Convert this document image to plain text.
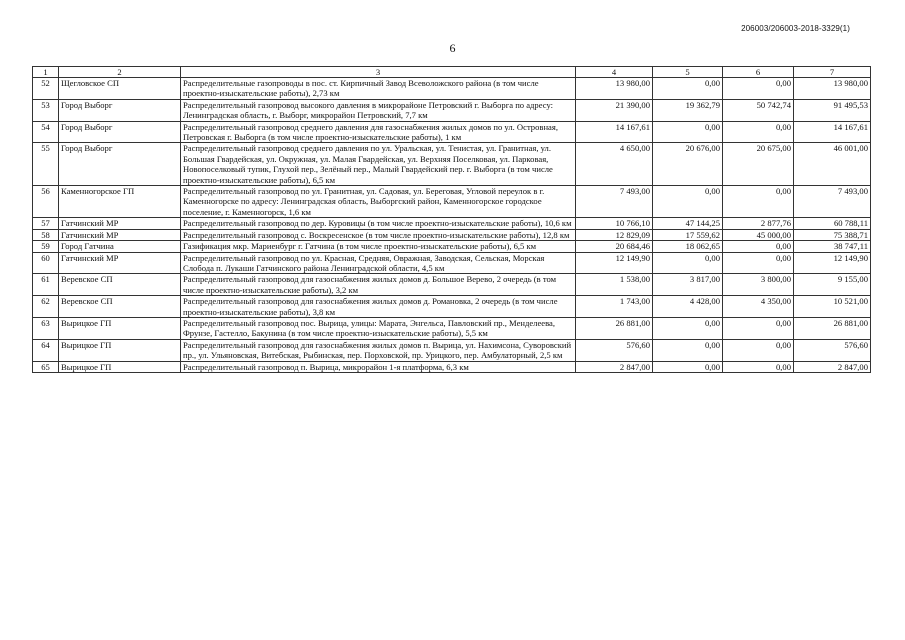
206003/206003-2018-3329(1)
6
1	2	3	4	5	6	7
52	Щегловское СП	Распределительные газопроводы в пос. ст. Кирпичный Завод Всеволожского района (в том числе проектно-изыскательские работы), 2,73 км	13 980,00	0,00	0,00	13 980,00
53	Город Выборг	Распределительный газопровод высокого давления в микрорайоне Петровский г. Выборга по адресу: Ленинградская область, г. Выборг, микрорайон Петровский, 7,7 км	21 390,00	19 362,79	50 742,74	91 495,53
54	Город Выборг	Распределительный газопровод среднего давления для газоснабжения жилых домов по ул. Островная, Петровская г. Выборга (в том числе проектно-изыскательские работы), 1 км	14 167,61	0,00	0,00	14 167,61
55	Город Выборг	Распределительный газопровод среднего давления по ул. Уральская, ул. Тенистая, ул. Гранитная, ул. Большая Гвардейская, ул. Окружная, ул. Малая Гвардейская, ул. Верхняя Поселковая, ул. Парковая, Новопоселковый тупик, Глухой пер., Зелёный пер., Малый Гвардейский пер. г. Выборга (в том числе проектно-изыскательские работы), 6,5 км	4 650,00	20 676,00	20 675,00	46 001,00
56	Каменногорское ГП	Распределительный газопровод по ул. Гранитная, ул. Садовая, ул. Береговая, Угловой переулок в г. Каменногорске по адресу: Ленинградская область, Выборгский район, Каменногорское городское поселение, г. Каменногорск, 1,6 км	7 493,00	0,00	0,00	7 493,00
57	Гатчинский МР	Распределительный газопровод по дер. Куровицы (в том числе проектно-изыскательские работы), 10,6 км	10 766,10	47 144,25	2 877,76	60 788,11
58	Гатчинский МР	Распределительный газопровод с. Воскресенское (в том числе проектно-изыскательские работы), 12,8 км	12 829,09	17 559,62	45 000,00	75 388,71
59	Город Гатчина	Газификация мкр. Мариенбург г. Гатчина (в том числе проектно-изыскательские работы), 6,5 км	20 684,46	18 062,65	0,00	38 747,11
60	Гатчинский МР	Распределительный газопровод по ул. Красная, Средняя, Овражная, Заводская, Сельская, Морская Слобода п. Лукаши Гатчинского района Ленинградской области, 4,5 км	12 149,90	0,00	0,00	12 149,90
61	Веревское СП	Распределительный газопровод для газоснабжения жилых домов д. Большое Верево, 2 очередь (в том числе проектно-изыскательские работы), 3,2 км	1 538,00	3 817,00	3 800,00	9 155,00
62	Веревское СП	Распределительный газопровод для газоснабжения жилых домов д. Романовка, 2 очередь (в том числе проектно-изыскательские работы), 3,8 км	1 743,00	4 428,00	4 350,00	10 521,00
63	Вырицкое ГП	Распределительный газопровод пос. Вырица, улицы: Марата, Энгельса, Павловский пр., Менделеева, Фрунзе, Гастелло, Бакунина (в том числе проектно-изыскательские работы), 5,5 км	26 881,00	0,00	0,00	26 881,00
64	Вырицкое ГП	Распределительный газопровод для газоснабжения жилых домов п. Вырица, ул. Нахимсона, Суворовский пр., ул. Ульяновская, Витебская, Рыбинская, пер. Порховской, пр. Урицкого, пер. Амбулаторный, 2,5 км	576,60	0,00	0,00	576,60
65	Вырицкое ГП	Распределительный газопровод п. Вырица, микрорайон 1-я платформа, 6,3 км	2 847,00	0,00	0,00	2 847,00
